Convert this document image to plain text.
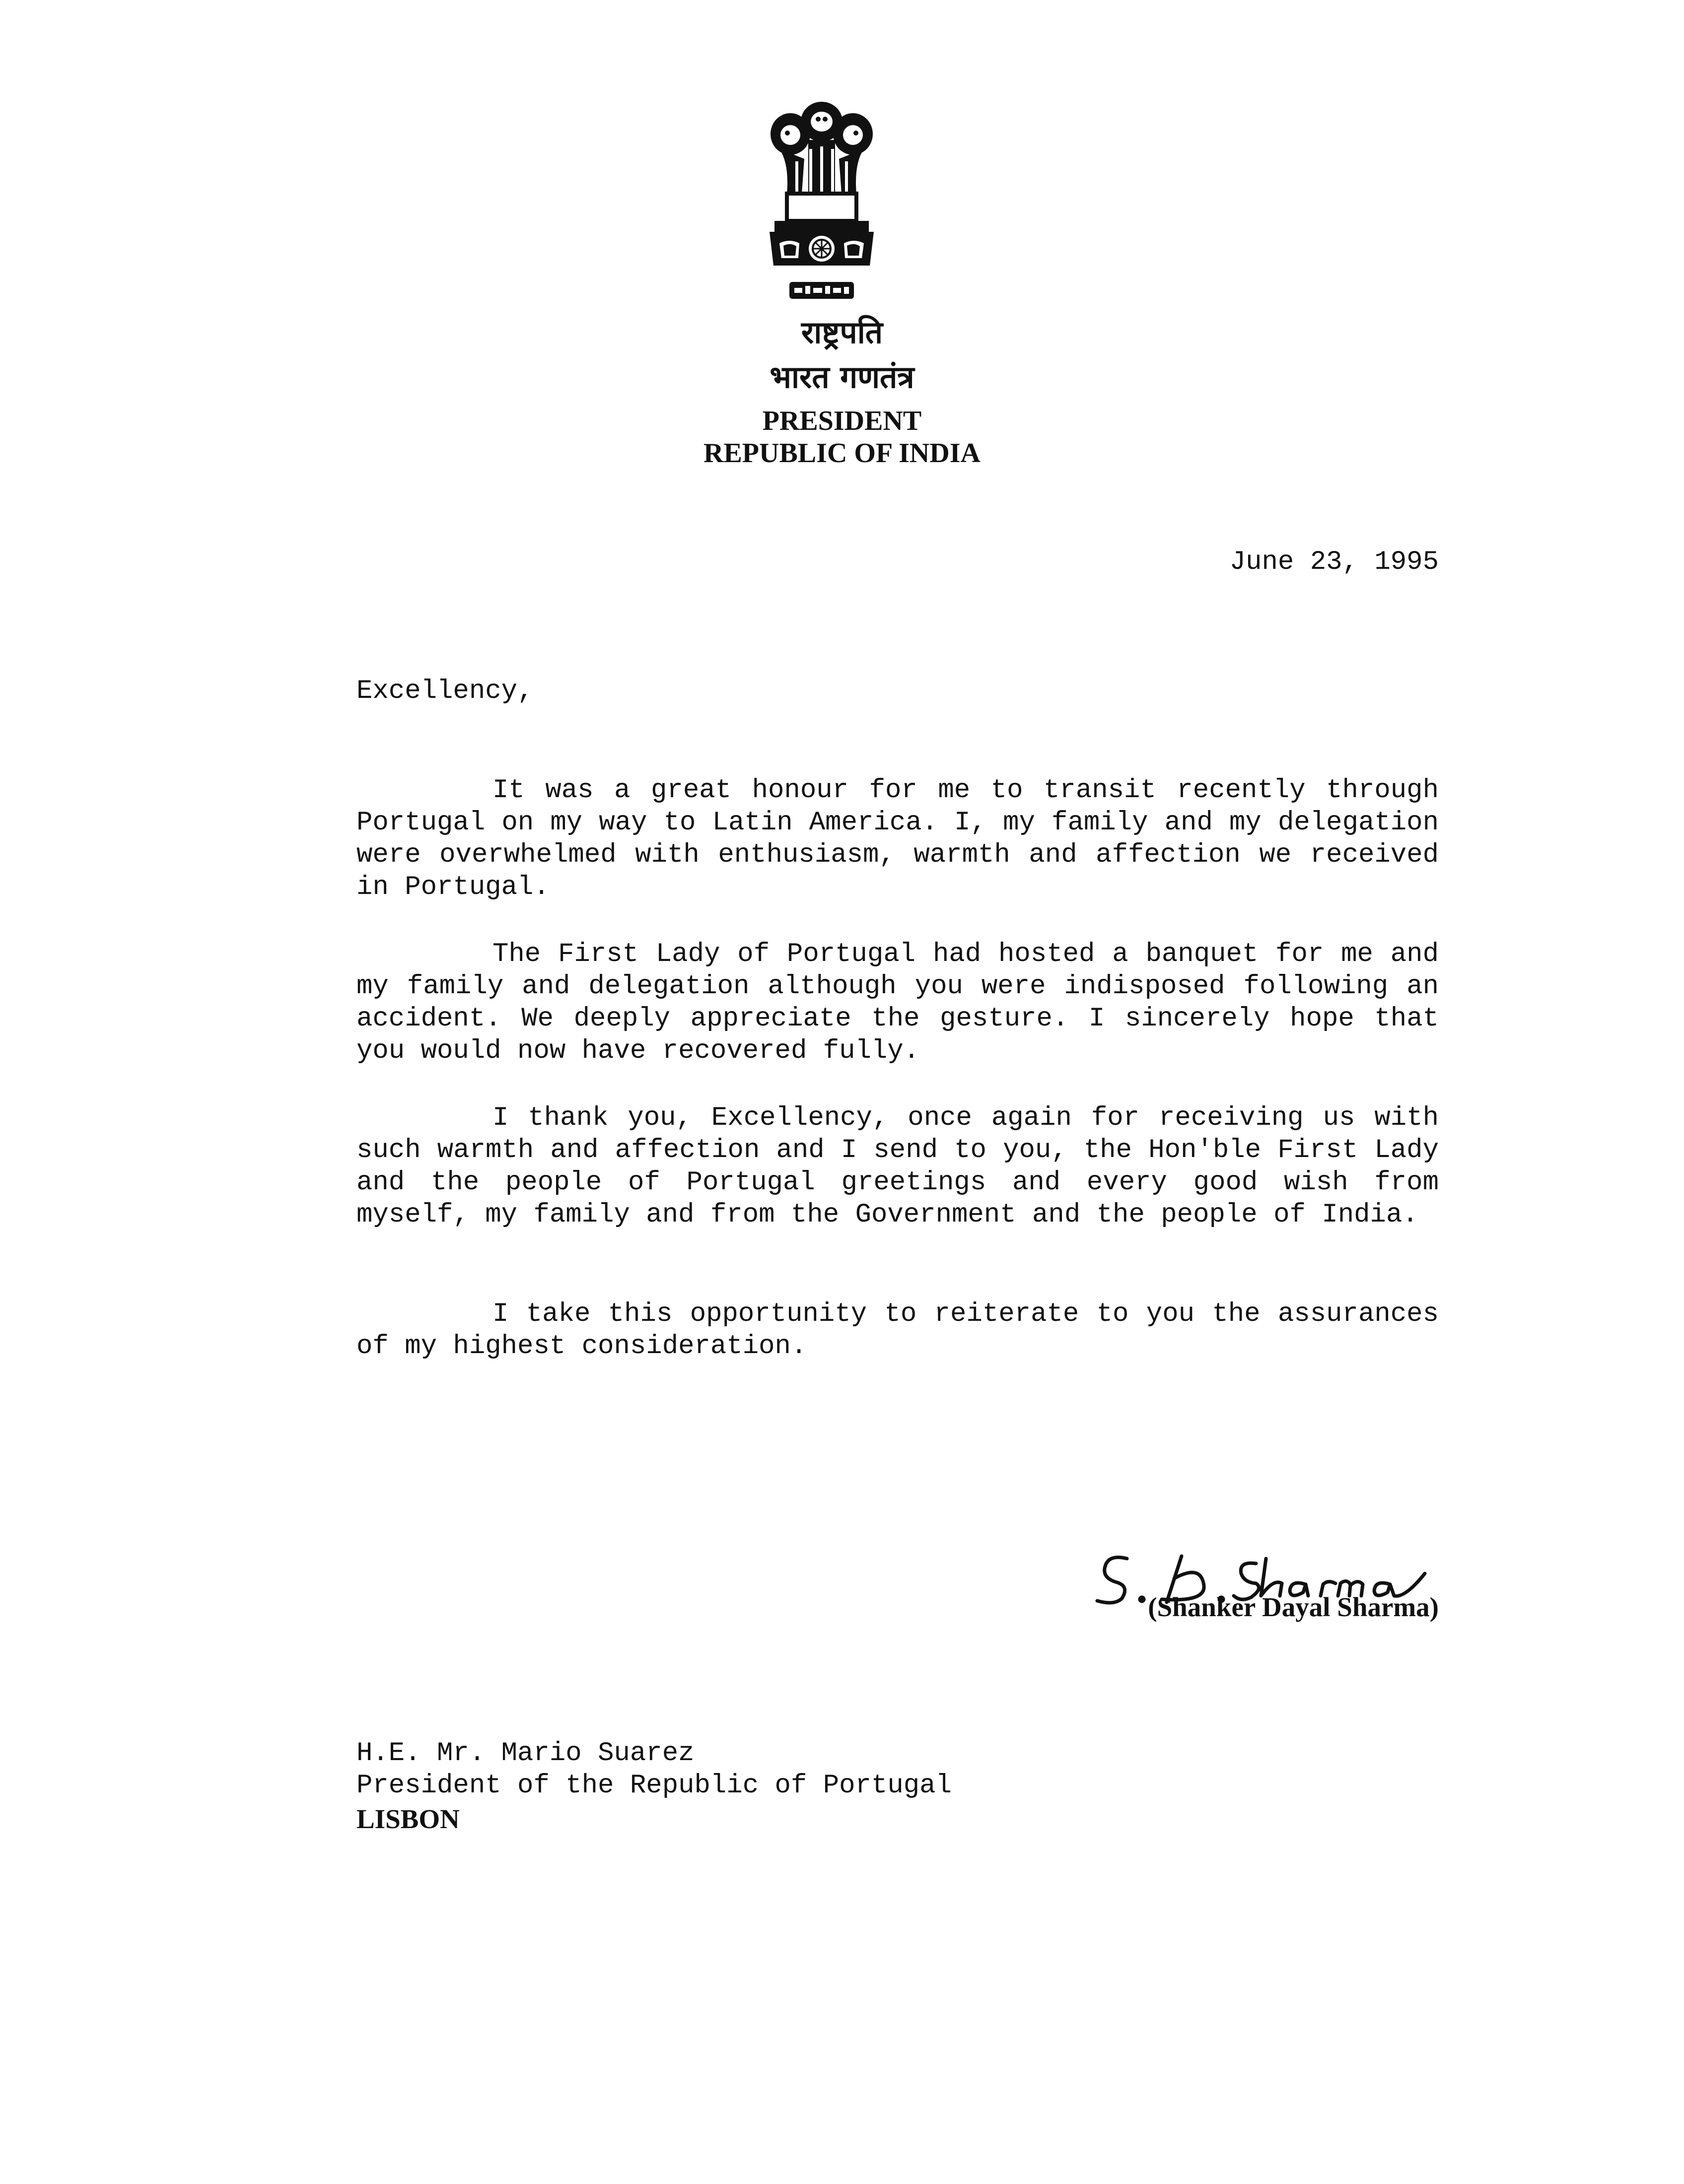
राष्ट्रपति
भारत गणतंत्र
PRESIDENT
REPUBLIC OF INDIA
June 23, 1995
Excellency,

It was a great honour for me to transit recently through Portugal on my way to Latin America. I, my family and my delegation were overwhelmed with enthusiasm, warmth and affection we received in Portugal.

The First Lady of Portugal had hosted a banquet for me and my family and delegation although you were indisposed following an accident. We deeply appreciate the gesture. I sincerely hope that you would now have recovered fully.

I thank you, Excellency, once again for receiving us with such warmth and affection and I send to you, the Hon'ble First Lady and the people of Portugal greetings and every good wish from myself, my family and from the Government and the people of India.

I take this opportunity to reiterate to you the assurances of my highest consideration.

(Shanker Dayal Sharma)
H.E. Mr. Mario Suarez
President of the Republic of Portugal
LISBON
